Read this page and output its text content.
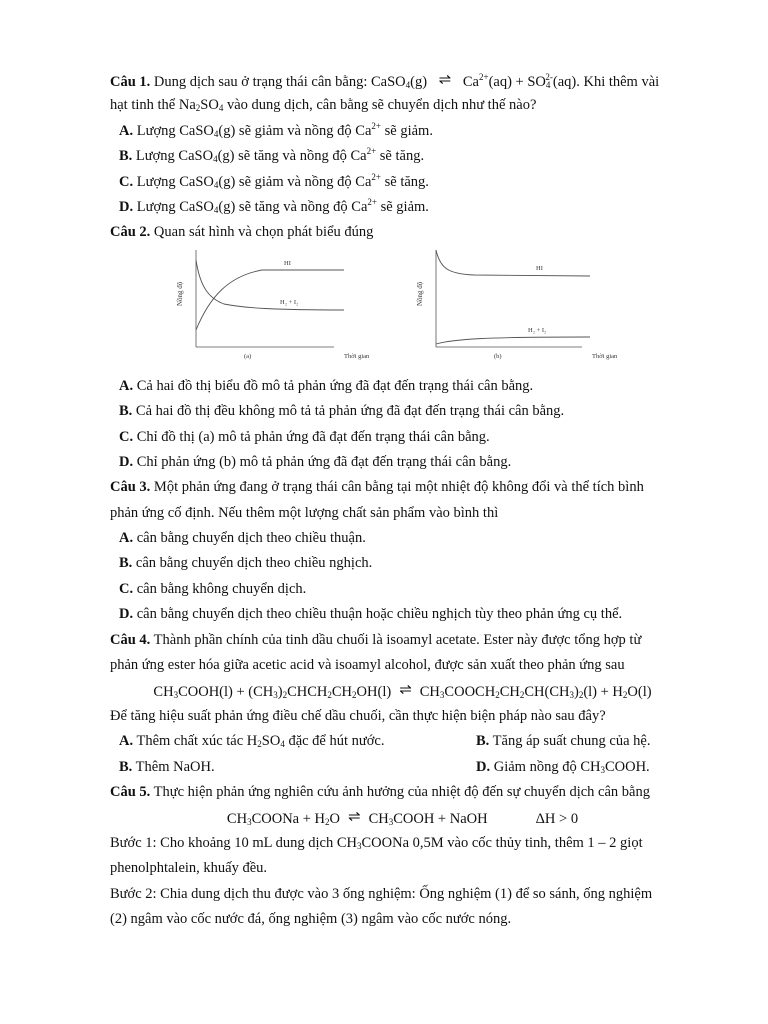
Câu 1. Dung dịch sau ở trạng thái cân bằng: CaSO$_4$(g) ⇌ $Ca^{2+}(aq) + SO_4^{2-}(aq)$. Khi thêm vài
hạt tinh thể $Na_2SO_4$ vào dung dịch, cân bằng sẽ chuyển dịch như thế nào?
A. Lượng CaSO$_4$(g) sẽ giảm và nồng độ $Ca^{2+}$ sẽ giảm.
B. Lượng CaSO$_4$(g) sẽ tăng và nồng độ $Ca^{2+}$ sẽ tăng.
C. Lượng CaSO$_4$(g) sẽ giảm và nồng độ $Ca^{2+}$ sẽ tăng.
D. Lượng CaSO$_4$(g) sẽ tăng và nồng độ $Ca^{2+}$ sẽ giảm.
Câu 2. Quan sát hình và chọn phát biểu đúng
Nồng độ
HI
H₂ + I₂
(a)	Thời gian
Nồng độ
HI
H₂ + I₂
(b)	Thời gian
A. Cả hai đồ thị biểu đồ mô tả phản ứng đã đạt đến trạng thái cân bằng.
B. Cả hai đồ thị đều không mô tả tả phản ứng đã đạt đến trạng thái cân bằng.
C. Chỉ đồ thị (a) mô tả phản ứng đã đạt đến trạng thái cân bằng.
D. Chỉ phản ứng (b) mô tả phản ứng đã đạt đến trạng thái cân bằng.
Câu 3. Một phản ứng đang ở trạng thái cân bằng tại một nhiệt độ không đổi và thể tích bình
phản ứng cố định. Nếu thêm một lượng chất sản phẩm vào bình thì
A. cân bằng chuyển dịch theo chiều thuận.
B. cân bằng chuyển dịch theo chiều nghịch.
C. cân bằng không chuyển dịch.
D. cân bằng chuyển dịch theo chiều thuận hoặc chiều nghịch tùy theo phản ứng cụ thể.
Câu 4. Thành phần chính của tinh dầu chuối là isoamyl acetate. Ester này được tổng hợp từ
phản ứng ester hóa giữa acetic acid và isoamyl alcohol, được sản xuất theo phản ứng sau
$CH_3COOH(l)$ + $(CH_3)_2CHCH_2CH_2OH(l)$ ⇌ $CH_3COOCH_2CH_2CH(CH_3)_2(l) + H_2O(l)$
Để tăng hiệu suất phản ứng điều chế dầu chuối, cần thực hiện biện pháp nào sau đây?
A. Thêm chất xúc tác $H_2SO_4$ đặc để hút nước.	B. Tăng áp suất chung của hệ.
B. Thêm NaOH.	D. Giảm nồng độ $CH_3COOH$.
Câu 5. Thực hiện phản ứng nghiên cứu ảnh hưởng của nhiệt độ đến sự chuyển dịch cân bằng
$CH_3COONa + H_2O$ ⇌ $CH_3COOH$ + NaOH	ΔH > 0
Bước 1: Cho khoảng 10 mL dung dịch $CH_3COONa$ 0,5M vào cốc thủy tinh, thêm 1 – 2 giọt
phenolphtalein, khuấy đều.
Bước 2: Chia dung dịch thu được vào 3 ống nghiệm: Ống nghiệm (1) để so sánh, ống nghiệm
(2) ngâm vào cốc nước đá, ống nghiệm (3) ngâm vào cốc nước nóng.
